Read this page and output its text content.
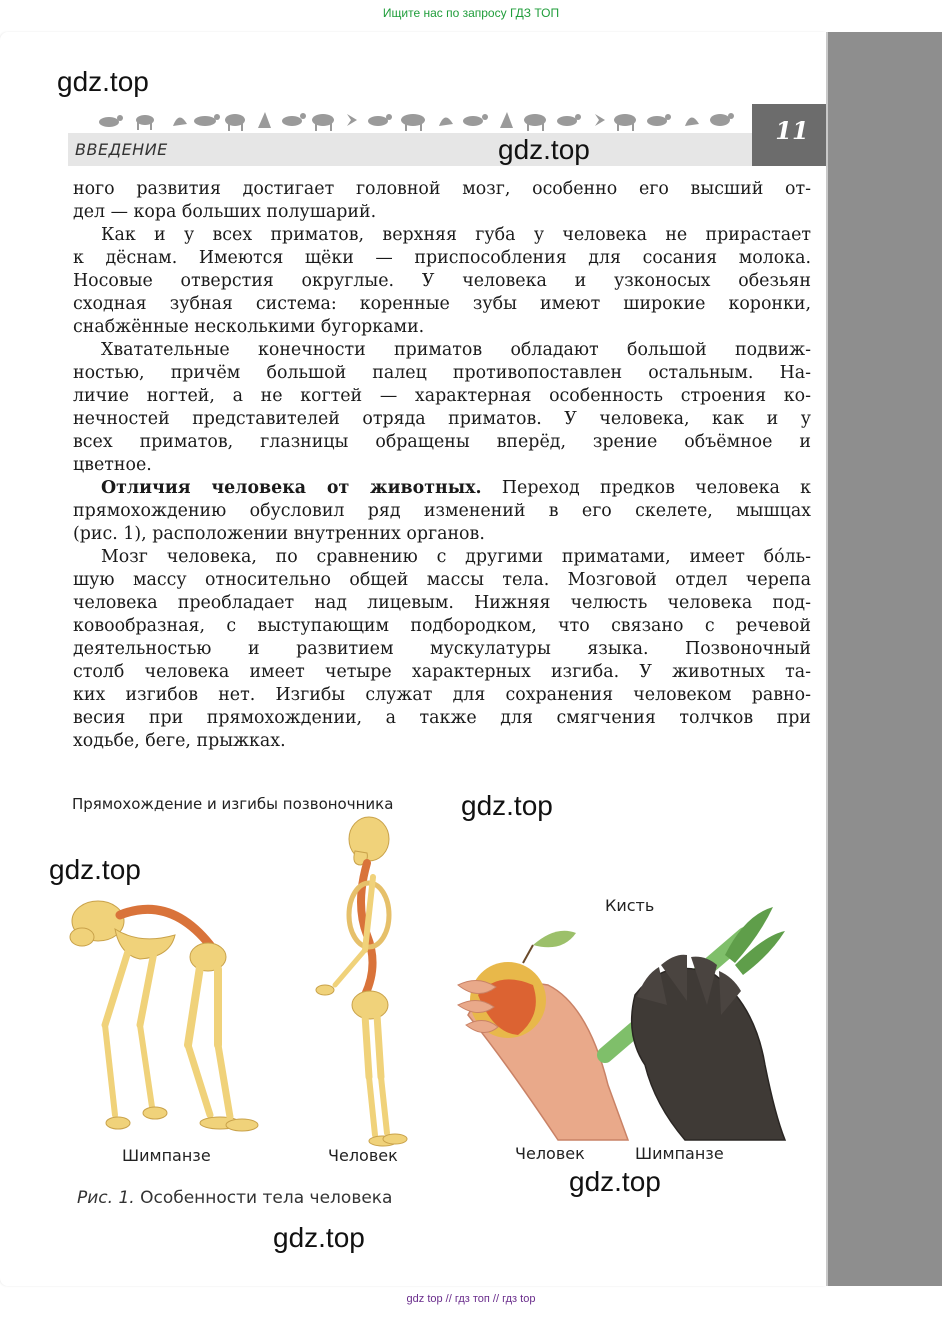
Ищите нас по запросу ГДЗ ТОП
ВВЕДЕНИЕ
11
gdz.top
gdz.top

ного развития достигает головной мозг, особенно его высший от-

дел — кора больших полушарий.

Как и у всех приматов, верхняя губа у человека не прирастает

к дёснам. Имеются щёки — приспособления для сосания молока.

Носовые отверстия округлые. У человека и узконосых обезьян

сходная зубная система: коренные зубы имеют широкие коронки,

снабжённые несколькими бугорками.

Хватательные конечности приматов обладают большой подвиж-

ностью, причём большой палец противопоставлен остальным. На-

личие ногтей, а не когтей — характерная особенность строения ко-

нечностей представителей отряда приматов. У человека, как и у

всех приматов, глазницы обращены вперёд, зрение объёмное и

цветное.

Отличия человека от животных. Переход предков человека к

прямохождению обусловил ряд изменений в его скелете, мышцах

(рис. 1), расположении внутренних органов.

Мозг человека, по сравнению с другими приматами, имеет бо́ль-

шую массу относительно общей массы тела. Мозговой отдел черепа

человека преобладает над лицевым. Нижняя челюсть человека под-

ковообразная, с выступающим подбородком, что связано с речевой

деятельностью и развитием мускулатуры языка. Позвоночный

столб человека имеет четыре характерных изгиба. У животных та-

ких изгибов нет. Изгибы служат для сохранения человеком равно-

весия при прямохождении, а также для смягчения толчков при

ходьбе, беге, прыжках.

Прямохождение и изгибы позвоночника gdz.top
gdz.top
Шимпанзе	Человек
Кисть
Человек	Шимпанзе
Рис. 1. Особенности тела человека
gdz.top
gdz.top
gdz top // гдз топ // гдз top
